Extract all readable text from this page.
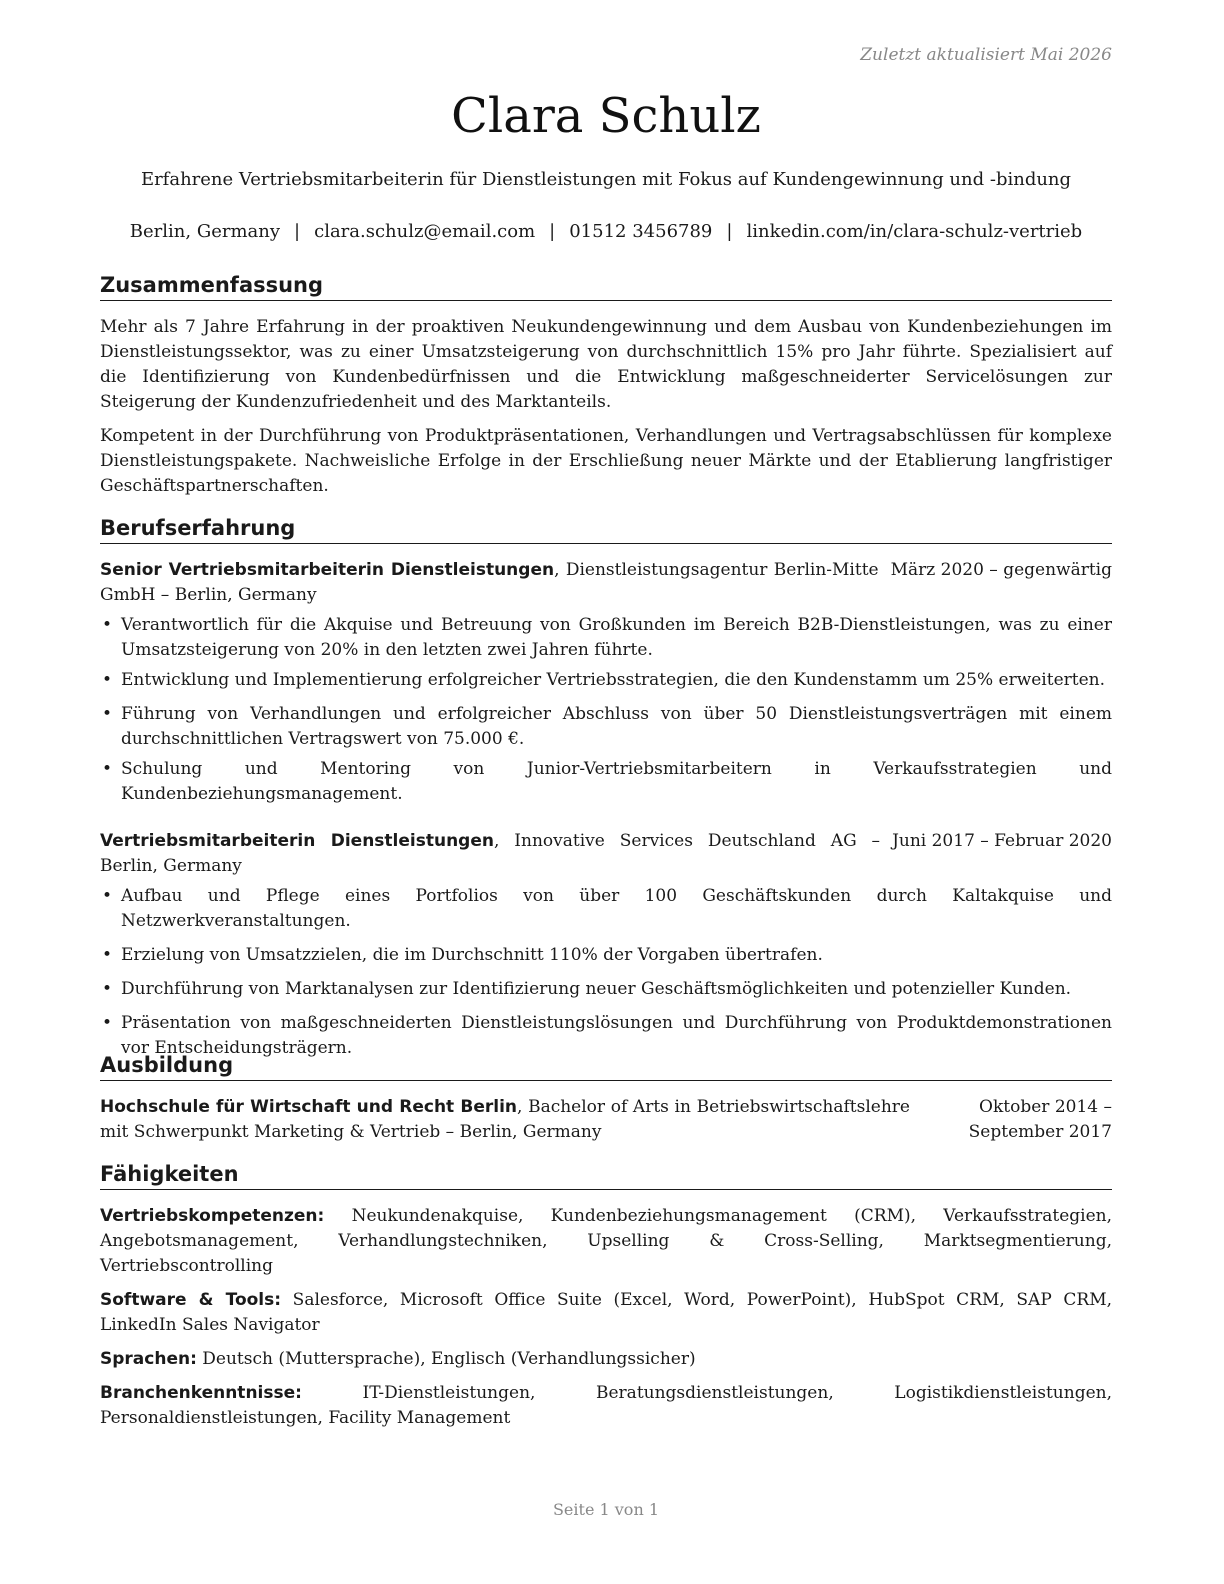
Zuletzt aktualisiert Mai 2026
Clara Schulz
Erfahrene Vertriebsmitarbeiterin für Dienstleistungen mit Fokus auf Kundengewinnung und -bindung
Berlin, Germany | clara.schulz@email.com | 01512 3456789 | linkedin.com/in/clara-schulz-vertrieb
Zusammenfassung

Mehr als 7 Jahre Erfahrung in der proaktiven Neukundengewinnung und dem Ausbau von Kundenbeziehungen im Dienstleistungssektor, was zu einer Umsatzsteigerung von durchschnittlich 15% pro Jahr führte. Spezialisiert auf die Identifizierung von Kundenbedürfnissen und die Entwicklung maßgeschneiderter Servicelösungen zur Steigerung der Kundenzufriedenheit und des Marktanteils.

Kompetent in der Durchführung von Produktpräsentationen, Verhandlungen und Vertragsabschlüssen für komplexe Dienstleistungspakete. Nachweisliche Erfolge in der Erschließung neuer Märkte und der Etablierung langfristiger Geschäftspartnerschaften.

Berufserfahrung
Senior Vertriebsmitarbeiterin Dienstleistungen, Dienstleistungsagentur Berlin-Mitte GmbH – Berlin, Germany
März 2020 – gegenwärtig
• Verantwortlich für die Akquise und Betreuung von Großkunden im Bereich B2B-Dienstleistungen, was zu einer Umsatzsteigerung von 20% in den letzten zwei Jahren führte.
• Entwicklung und Implementierung erfolgreicher Vertriebsstrategien, die den Kundenstamm um 25% erweiterten.
• Führung von Verhandlungen und erfolgreicher Abschluss von über 50 Dienstleistungsverträgen mit einem durchschnittlichen Vertragswert von 75.000 €.
• Schulung und Mentoring von Junior-Vertriebsmitarbeitern in Verkaufsstrategien und Kundenbeziehungsmanagement.
Vertriebsmitarbeiterin Dienstleistungen, Innovative Services Deutschland AG – Berlin, Germany
Juni 2017 – Februar 2020
• Aufbau und Pflege eines Portfolios von über 100 Geschäftskunden durch Kaltakquise und Netzwerkveranstaltungen.
• Erzielung von Umsatzzielen, die im Durchschnitt 110% der Vorgaben übertrafen.
• Durchführung von Marktanalysen zur Identifizierung neuer Geschäftsmöglichkeiten und potenzieller Kunden.
• Präsentation von maßgeschneiderten Dienstleistungslösungen und Durchführung von Produktdemonstrationen vor Entscheidungsträgern.
Ausbildung
Hochschule für Wirtschaft und Recht Berlin, Bachelor of Arts in Betriebswirtschaftslehre mit Schwerpunkt Marketing & Vertrieb – Berlin, Germany
Oktober 2014 – September 2017
Fähigkeiten

Vertriebskompetenzen: Neukundenakquise, Kundenbeziehungsmanagement (CRM), Verkaufsstrategien, Angebotsmanagement, Verhandlungstechniken, Upselling & Cross-Selling, Marktsegmentierung, Vertriebscontrolling

Software & Tools: Salesforce, Microsoft Office Suite (Excel, Word, PowerPoint), HubSpot CRM, SAP CRM, LinkedIn Sales Navigator

Sprachen: Deutsch (Muttersprache), Englisch (Verhandlungssicher)

Branchenkenntnisse: IT-Dienstleistungen, Beratungsdienstleistungen, Logistikdienstleistungen, Personaldienstleistungen, Facility Management

Seite 1 von 1
